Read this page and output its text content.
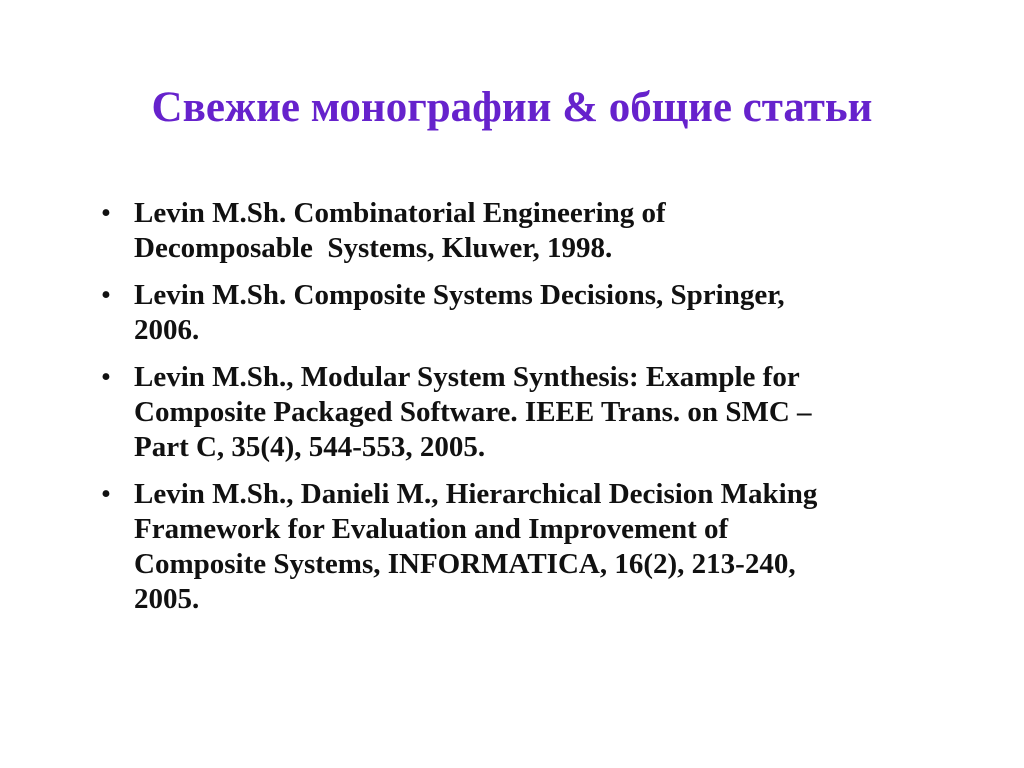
Свежие монографии & общие статьи
• Levin M.Sh. Combinatorial Engineering of
Decomposable  Systems, Kluwer, 1998.
• Levin M.Sh. Composite Systems Decisions, Springer,
2006.
• Levin M.Sh., Modular System Synthesis: Example for
Composite Packaged Software. IEEE Trans. on SMC –
Part C, 35(4), 544-553, 2005.
• Levin M.Sh., Danieli M., Hierarchical Decision Making
Framework for Evaluation and Improvement of
Composite Systems, INFORMATICA, 16(2), 213-240,
2005.
